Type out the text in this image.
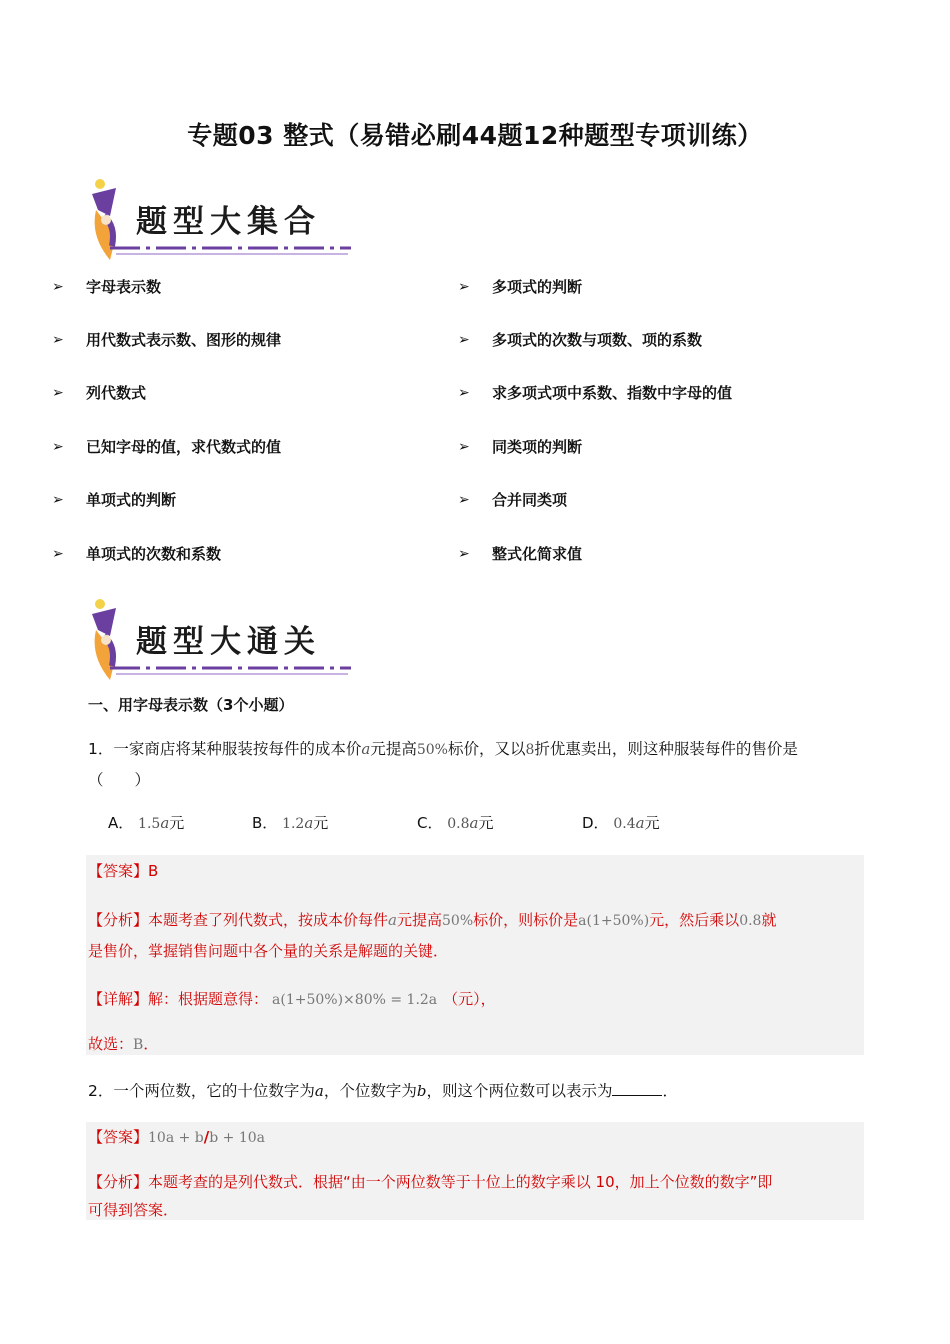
专题03 整式（易错必刷44题12种题型专项训练）
题型大集合
➢	字母表示数
➢	用代数式表示数、图形的规律
➢	列代数式
➢	已知字母的值，求代数式的值
➢	单项式的判断
➢	单项式的次数和系数
➢	多项式的判断
➢	多项式的次数与项数、项的系数
➢	求多项式项中系数、指数中字母的值
➢	同类项的判断
➢	合并同类项
➢	整式化简求值
题型大通关
一、用字母表示数（3个小题）
1．一家商店将某种服装按每件的成本价a元提高50%标价，又以8折优惠卖出，则这种服装每件的售价是
（　　）
A． 1.5a元	B． 1.2a元	C． 0.8a元	D． 0.4a元
【答案】B
【分析】本题考查了列代数式，按成本价每件a元提高50%标价，则标价是a(1+50%)元，然后乘以0.8就
是售价，掌握销售问题中各个量的关系是解题的关键．
【详解】解：根据题意得： a(1+50%)×80% = 1.2a （元），
故选：B．
2．一个两位数，它的十位数字为a，个位数字为b，则这个两位数可以表示为	．
【答案】10a + b/b + 10a
【分析】本题考查的是列代数式．根据“由一个两位数等于十位上的数字乘以 10，加上个位数的数字”即
可得到答案．
